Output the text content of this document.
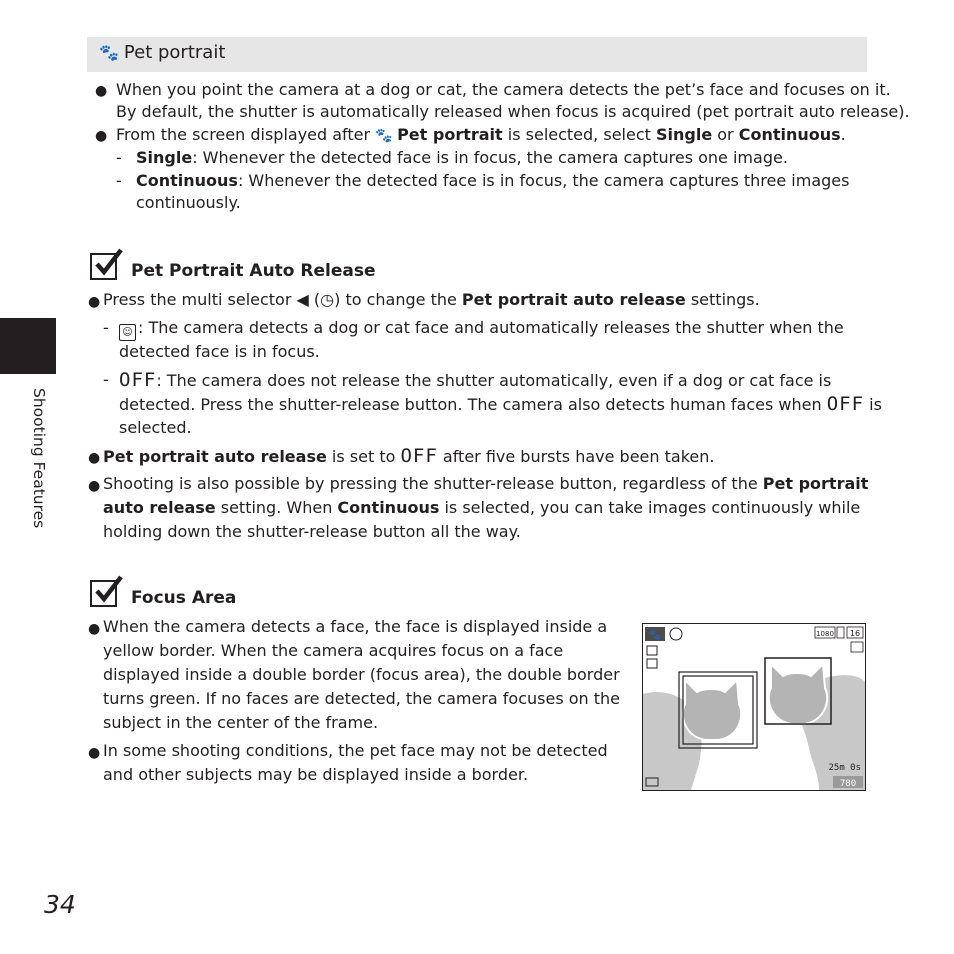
Shooting Features
34
🐾 Pet portrait
● When you point the camera at a dog or cat, the camera detects the pet’s face and focuses on it.
By default, the shutter is automatically released when focus is acquired (pet portrait auto release).
● From the screen displayed after 🐾 Pet portrait is selected, select Single or Continuous.
- Single: Whenever the detected face is in focus, the camera captures one image.
- Continuous: Whenever the detected face is in focus, the camera captures three images
continuously.
Pet Portrait Auto Release
● Press the multi selector ◀ (◷) to change the Pet portrait auto release settings.
-	☺ : The camera detects a dog or cat face and automatically releases the shutter when the
detected face is in focus.
- OFF: The camera does not release the shutter automatically, even if a dog or cat face is
detected. Press the shutter-release button. The camera also detects human faces when OFF is
selected.
● Pet portrait auto release is set to OFF after five bursts have been taken.
● Shooting is also possible by pressing the shutter-release button, regardless of the Pet portrait
auto release setting. When Continuous is selected, you can take images continuously while
holding down the shutter-release button all the way.
Focus Area
● When the camera detects a face, the face is displayed inside a
yellow border. When the camera acquires focus on a face
displayed inside a double border (focus area), the double border
turns green. If no faces are detected, the camera focuses on the
subject in the center of the frame.
● In some shooting conditions, the pet face may not be detected
and other subjects may be displayed inside a border.
🐾	1080 16
25m 0s
780
